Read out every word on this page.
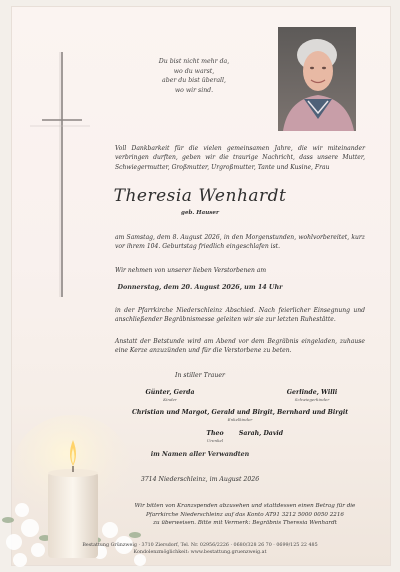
Du bist nicht mehr da,
wo du warst,
aber du bist überall,
wo wir sind.
Voll Dankbarkeit für die vielen gemeinsamen Jahre, die wir miteinander verbringen durften, geben wir die traurige Nachricht, dass unsere Mutter, Schwiegermutter, Großmutter, Urgroßmutter, Tante und Kusine, Frau
Theresia Wenhardt
geb. Hauser
am Samstag, dem 8. August 2026, in den Morgenstunden, wohlvorbereitet, kurz vor ihrem 104. Geburtstag friedlich eingeschlafen ist.
Wir nehmen von unserer lieben Verstorbenen am
Donnerstag, dem 20. August 2026, um 14 Uhr
in der Pfarrkirche Niederschleinz Abschied. Nach feierlicher Einsegnung und anschließender Begräbnismesse geleiten wir sie zur letzten Ruhestätte.
Anstatt der Betstunde wird am Abend vor dem Begräbnis eingeladen, zuhause eine Kerze anzuzünden und für die Verstorbene zu beten.
In stiller Trauer
Günter, Gerda
Kinder
Gerlinde, Willi
Schwiegerkinder
Christian und Margot, Gerald und Birgit, Bernhard und Birgit
Enkelkinder
Theo
Urenkel
Sarah, David
im Namen aller Verwandten
3714 Niederschleinz, im August 2026
Wir bitten von Kranzspenden abzusehen und stattdessen einen Betrag für die
Pfarrkirche Niederschleinz auf das Konto AT91 3212 5000 0050 2216
zu überweisen. Bitte mit Vermerk: Begräbnis Theresia Wenhardt
Bestattung Grünzweig · 3710 Ziersdorf, Tel. Nr. 02956/2226 · 0680/328 26 70 · 0699/125 22 485
Kondolenzmöglichkeit: www.bestattung.gruenzweig.at
